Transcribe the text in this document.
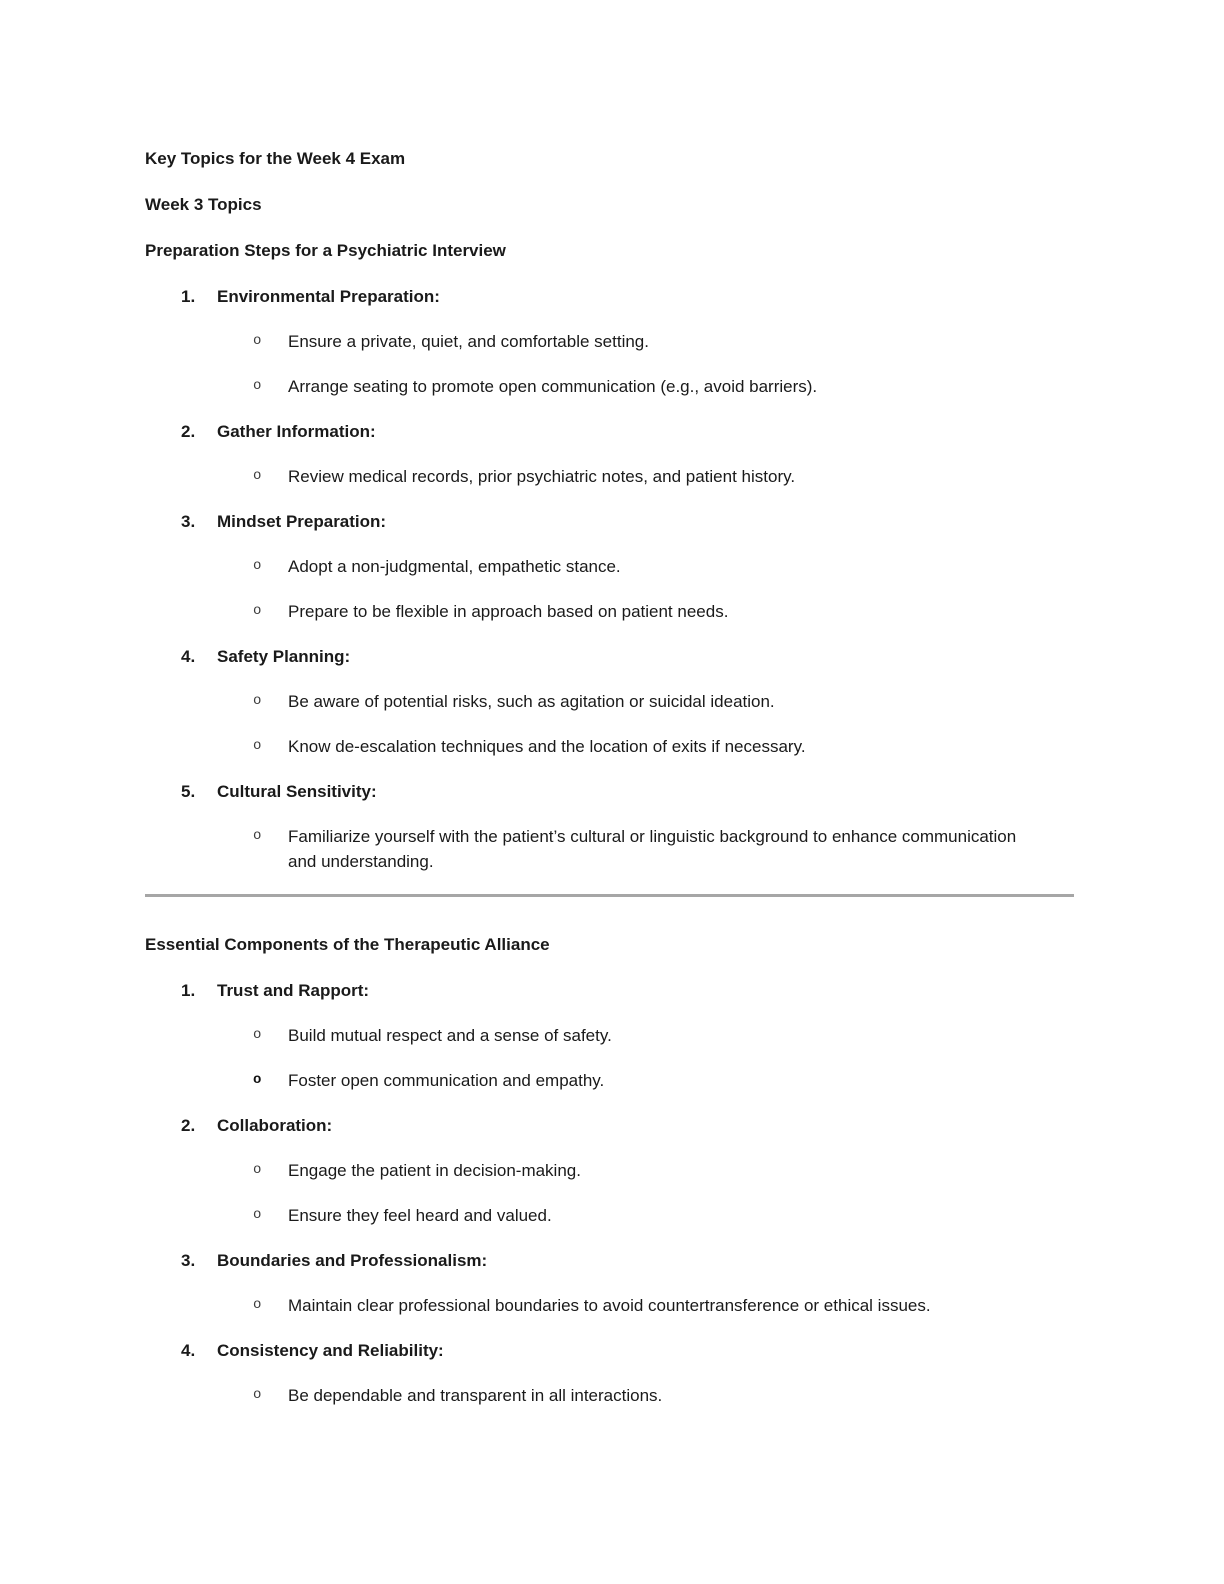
Key Topics for the Week 4 Exam

Week 3 Topics

Preparation Steps for a Psychiatric Interview

1.	Environmental Preparation:
o	Ensure a private, quiet, and comfortable setting.
o	Arrange seating to promote open communication (e.g., avoid barriers).
2.	Gather Information:
o	Review medical records, prior psychiatric notes, and patient history.
3.	Mindset Preparation:
o	Adopt a non-judgmental, empathetic stance.
o	Prepare to be flexible in approach based on patient needs.
4.	Safety Planning:
o	Be aware of potential risks, such as agitation or suicidal ideation.
o	Know de-escalation techniques and the location of exits if necessary.
5.	Cultural Sensitivity:
o	Familiarize yourself with the patient’s cultural or linguistic background to enhance communication and understanding.

Essential Components of the Therapeutic Alliance

1.	Trust and Rapport:
o	Build mutual respect and a sense of safety.
o	Foster open communication and empathy.
2.	Collaboration:
o	Engage the patient in decision-making.
o	Ensure they feel heard and valued.
3.	Boundaries and Professionalism:
o	Maintain clear professional boundaries to avoid countertransference or ethical issues.
4.	Consistency and Reliability:
o	Be dependable and transparent in all interactions.
